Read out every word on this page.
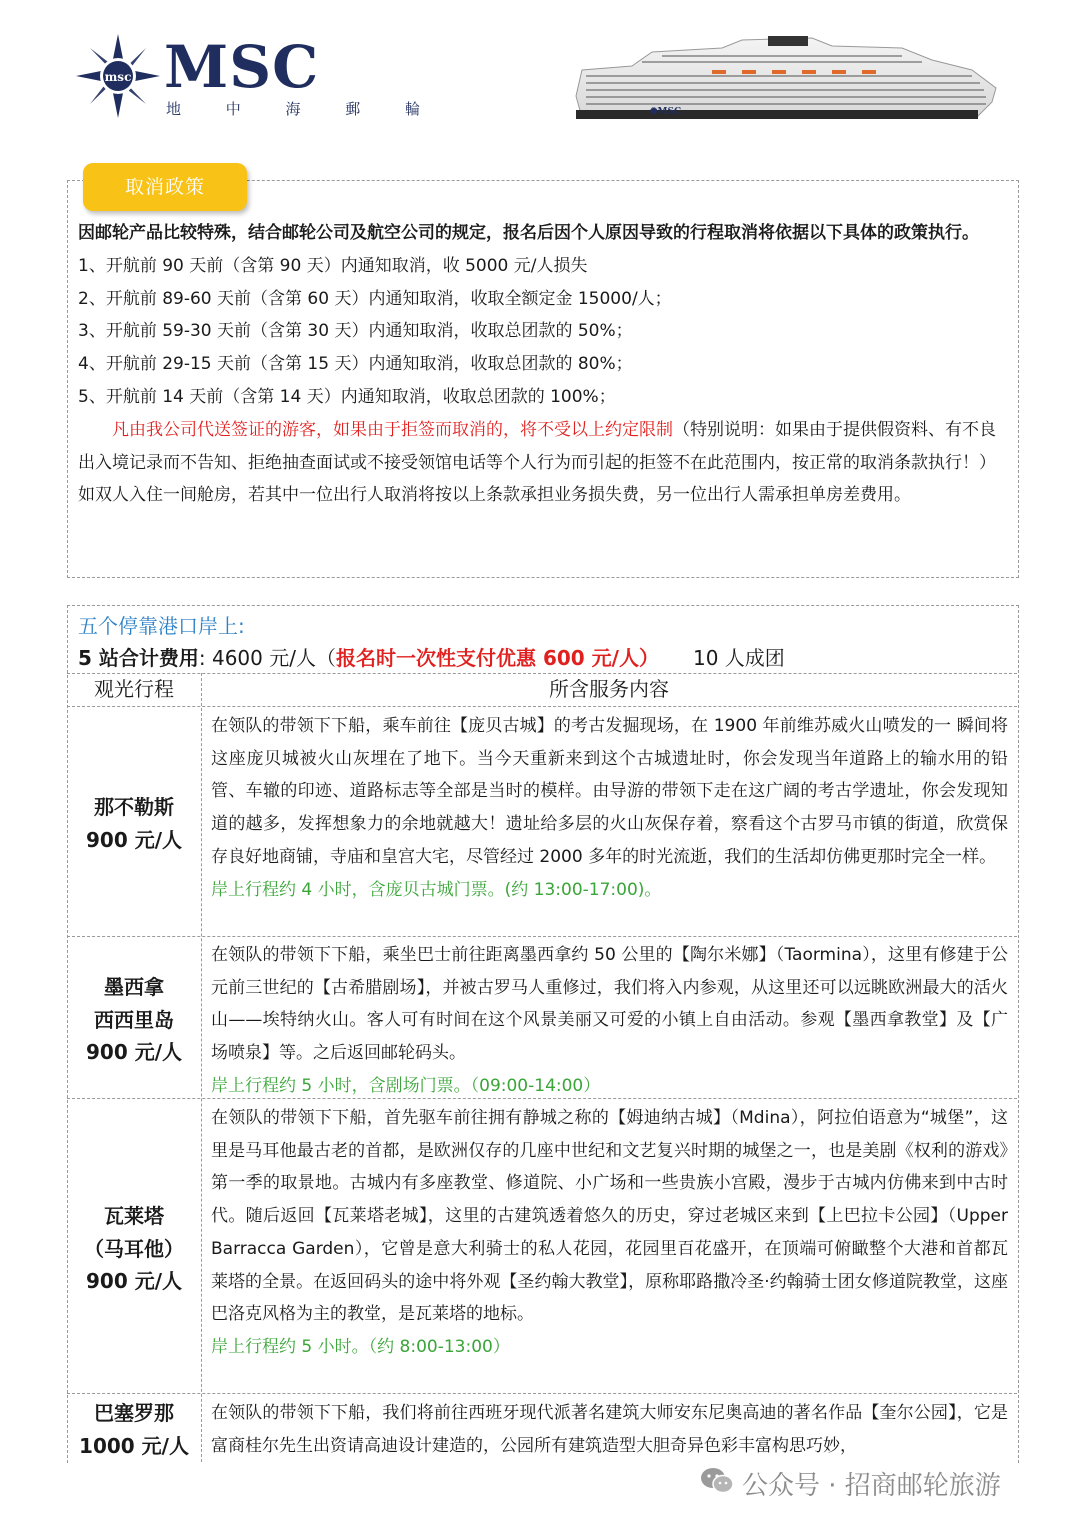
msc MSC
地 中 海 郵 輪	✺MSC
取消政策

因邮轮产品比较特殊，结合邮轮公司及航空公司的规定，报名后因个人原因导致的行程取消将依据以下具体的政策执行。

1、开航前 90 天前（含第 90 天）内通知取消，收 5000 元/人损失

2、开航前 89-60 天前（含第 60 天）内通知取消，收取全额定金 15000/人；

3、开航前 59-30 天前（含第 30 天）内通知取消，收取总团款的 50%；

4、开航前 29-15 天前（含第 15 天）内通知取消，收取总团款的 80%；

5、开航前 14 天前（含第 14 天）内通知取消，收取总团款的 100%；

凡由我公司代送签证的游客，如果由于拒签而取消的，将不受以上约定限制（特别说明：如果由于提供假资料、有不良出入境记录而不告知、拒绝抽查面试或不接受领馆电话等个人行为而引起的拒签不在此范围内，按正常的取消条款执行！）如双人入住一间舱房，若其中一位出行人取消将按以上条款承担业务损失费，另一位出行人需承担单房差费用。

五个停靠港口岸上:
5 站合计费用: 4600 元/人（报名时一次性支付优惠 600 元/人） 10 人成团
观光行程	所含服务内容
那不勒斯
900 元/人
在领队的带领下下船，乘车前往【庞贝古城】的考古发掘现场，在 1900 年前维苏威火山喷发的一 瞬间将这座庞贝城被火山灰埋在了地下。当今天重新来到这个古城遗址时，你会发现当年道路上的输水用的铅管、车辙的印迹、道路标志等全部是当时的模样。由导游的带领下走在这广阔的考古学遗址，你会发现知道的越多，发挥想象力的余地就越大！遗址给多层的火山灰保存着，察看这个古罗马市镇的街道，欣赏保存良好地商铺，寺庙和皇宫大宅，尽管经过 2000 多年的时光流逝，我们的生活却仿佛更那时完全一样。
岸上行程约 4 小时，含庞贝古城门票。(约 13:00-17:00)。
墨西拿
西西里岛
900 元/人
在领队的带领下下船，乘坐巴士前往距离墨西拿约 50 公里的【陶尔米娜】（Taormina），这里有修建于公元前三世纪的【古希腊剧场】，并被古罗马人重修过，我们将入内参观，从这里还可以远眺欧洲最大的活火山——埃特纳火山。客人可有时间在这个风景美丽又可爱的小镇上自由活动。参观【墨西拿教堂】及【广场喷泉】等。之后返回邮轮码头。
岸上行程约 5 小时，含剧场门票。（09:00-14:00）
瓦莱塔
（马耳他）
900 元/人
在领队的带领下下船，首先驱车前往拥有静城之称的【姆迪纳古城】（Mdina），阿拉伯语意为“城堡”，这里是马耳他最古老的首都，是欧洲仅存的几座中世纪和文艺复兴时期的城堡之一，也是美剧《权利的游戏》第一季的取景地。古城内有多座教堂、修道院、小广场和一些贵族小宫殿，漫步于古城内仿佛来到中古时代。随后返回【瓦莱塔老城】，这里的古建筑透着悠久的历史，穿过老城区来到【上巴拉卡公园】（Upper Barracca Garden），它曾是意大利骑士的私人花园，花园里百花盛开，在顶端可俯瞰整个大港和首都瓦莱塔的全景。在返回码头的途中将外观【圣约翰大教堂】，原称耶路撒冷圣·约翰骑士团女修道院教堂，这座巴洛克风格为主的教堂，是瓦莱塔的地标。
岸上行程约 5 小时。（约 8:00-13:00）
巴塞罗那
1000 元/人
在领队的带领下下船，我们将前往西班牙现代派著名建筑大师安东尼奥高迪的著名作品【奎尔公园】，它是富商桂尔先生出资请高迪设计建造的，公园所有建筑造型大胆奇异色彩丰富构思巧妙，
公众号 · 招商邮轮旅游
